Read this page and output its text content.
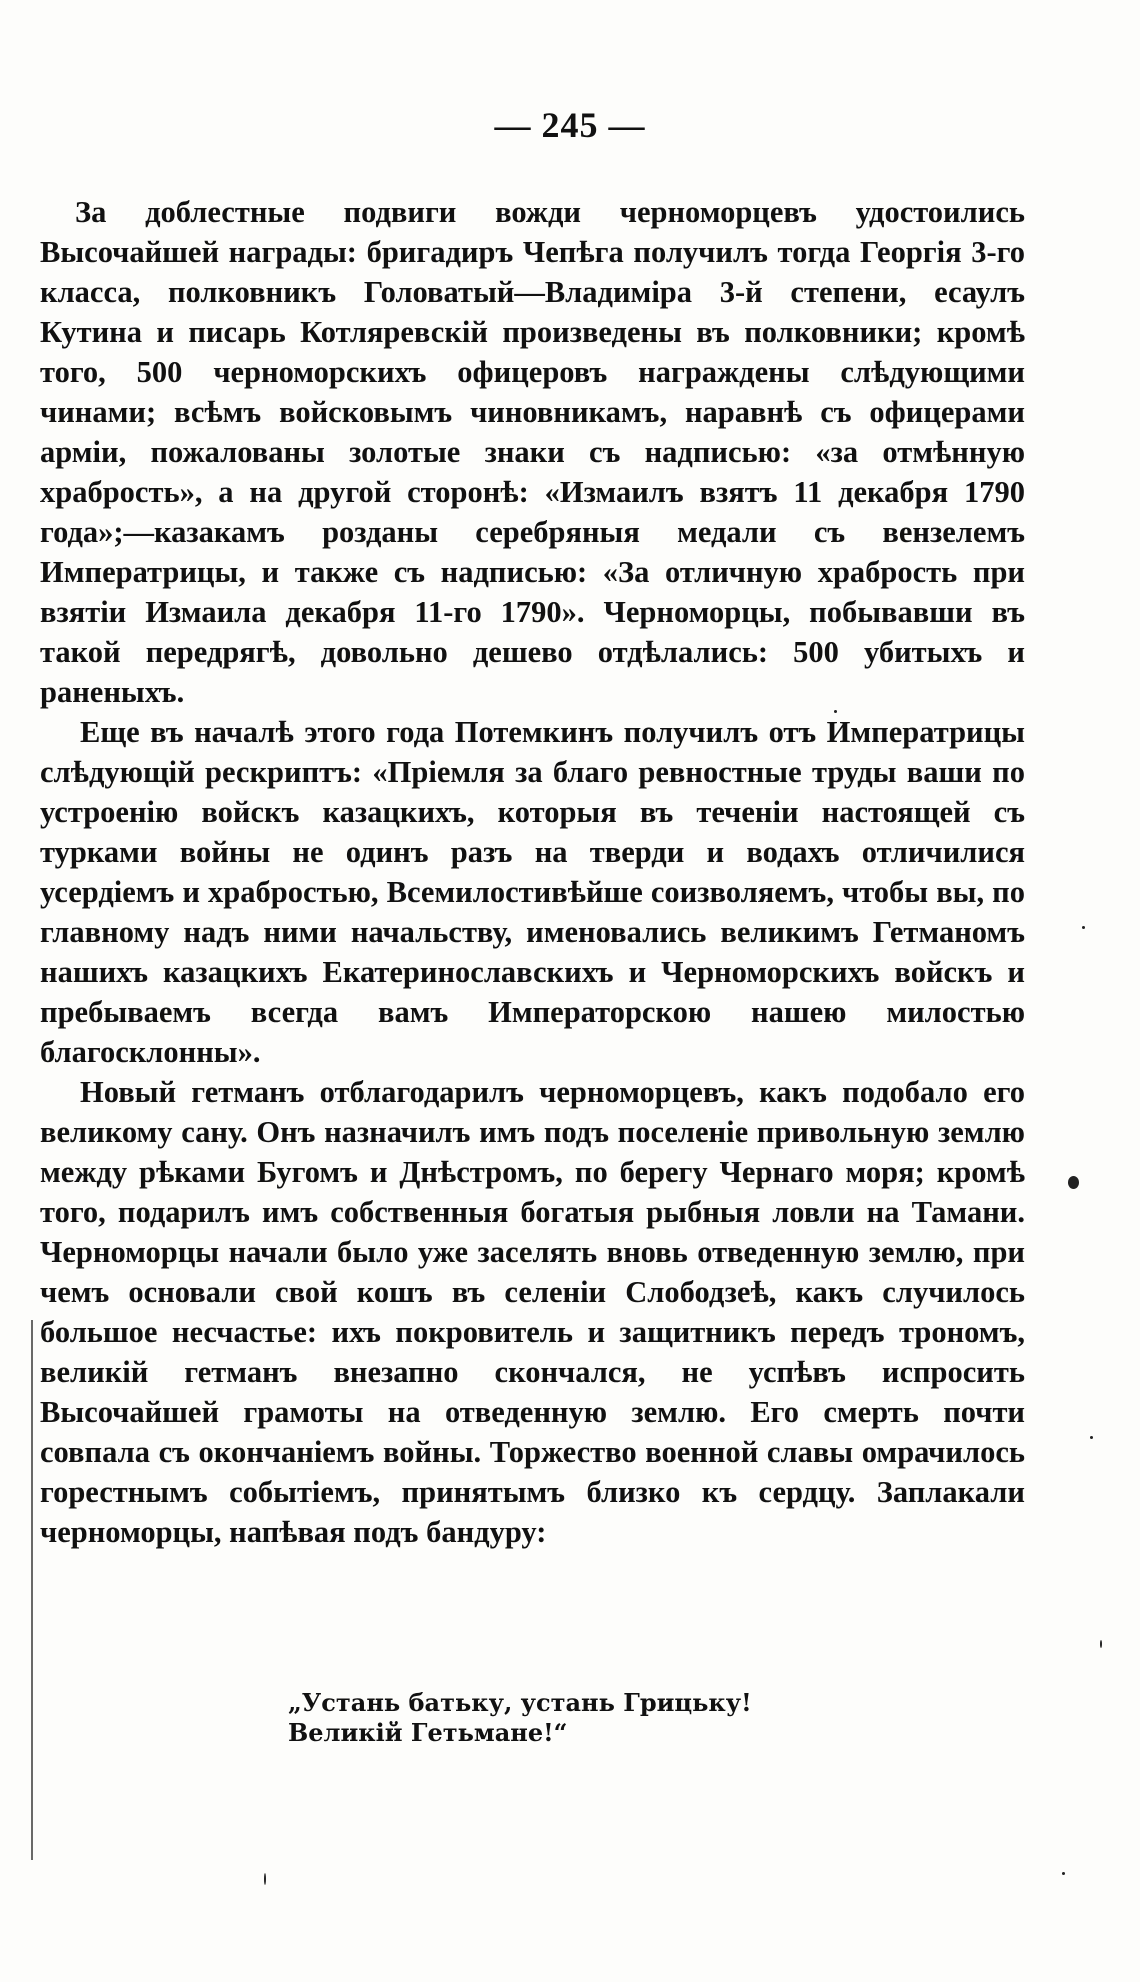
— 245 —

За доблестные подвиги вожди черноморцевъ удостоились Высочайшей награды: бригадиръ Чепѣга получилъ тогда Георгія 3-го класса, полковникъ Головатый—Владиміра 3-й степени, есаулъ Кутина и писарь Котляревскій произведены въ полковники; кромѣ того, 500 черноморскихъ офицеровъ награждены слѣдующими чинами; всѣмъ войсковымъ чиновникамъ, наравнѣ съ офицерами арміи, пожалованы золотые знаки съ надписью: «за отмѣнную храбрость», а на другой сторонѣ: «Измаилъ взятъ 11 декабря 1790 года»;—казакамъ розданы серебряныя медали съ вензелемъ Императрицы, и также съ надписью: «За отличную храбрость при взятіи Измаила декабря 11-го 1790». Черноморцы, побывавши въ такой передрягѣ, довольно дешево отдѣлались: 500 убитыхъ и раненыхъ.

Еще въ началѣ этого года Потемкинъ получилъ отъ Императрицы слѣдующій рескриптъ: «Пріемля за благо ревностные труды ваши по устроенію войскъ казацкихъ, которыя въ теченіи настоящей съ турками войны не одинъ разъ на тверди и водахъ отличилися усердіемъ и храбростью, Всемилостивѣйше соизволяемъ, чтобы вы, по главному надъ ними начальству, именовались великимъ Гетманомъ нашихъ казацкихъ Екатеринославскихъ и Черноморскихъ войскъ и пребываемъ всегда вамъ Императорскою нашею милостью благосклонны».

Новый гетманъ отблагодарилъ черноморцевъ, какъ подобало его великому сану. Онъ назначилъ имъ подъ поселеніе привольную землю между рѣками Бугомъ и Днѣстромъ, по берегу Чернаго моря; кромѣ того, подарилъ имъ собственныя богатыя рыбныя ловли на Тамани. Черноморцы начали было уже заселять вновь отведенную землю, при чемъ основали свой кошъ въ селеніи Слободзеѣ, какъ случилось большое несчастье: ихъ покровитель и защитникъ передъ трономъ, великій гетманъ внезапно скончался, не успѣвъ испросить Высочайшей грамоты на отведенную землю. Его смерть почти совпала съ окончаніемъ войны. Торжество военной славы омрачилось горестнымъ событіемъ, принятымъ близко къ сердцу. Заплакали черноморцы, напѣвая подъ бандуру:

„Устань батьку, устань Грицьку!
Великій Гетьмане!“
